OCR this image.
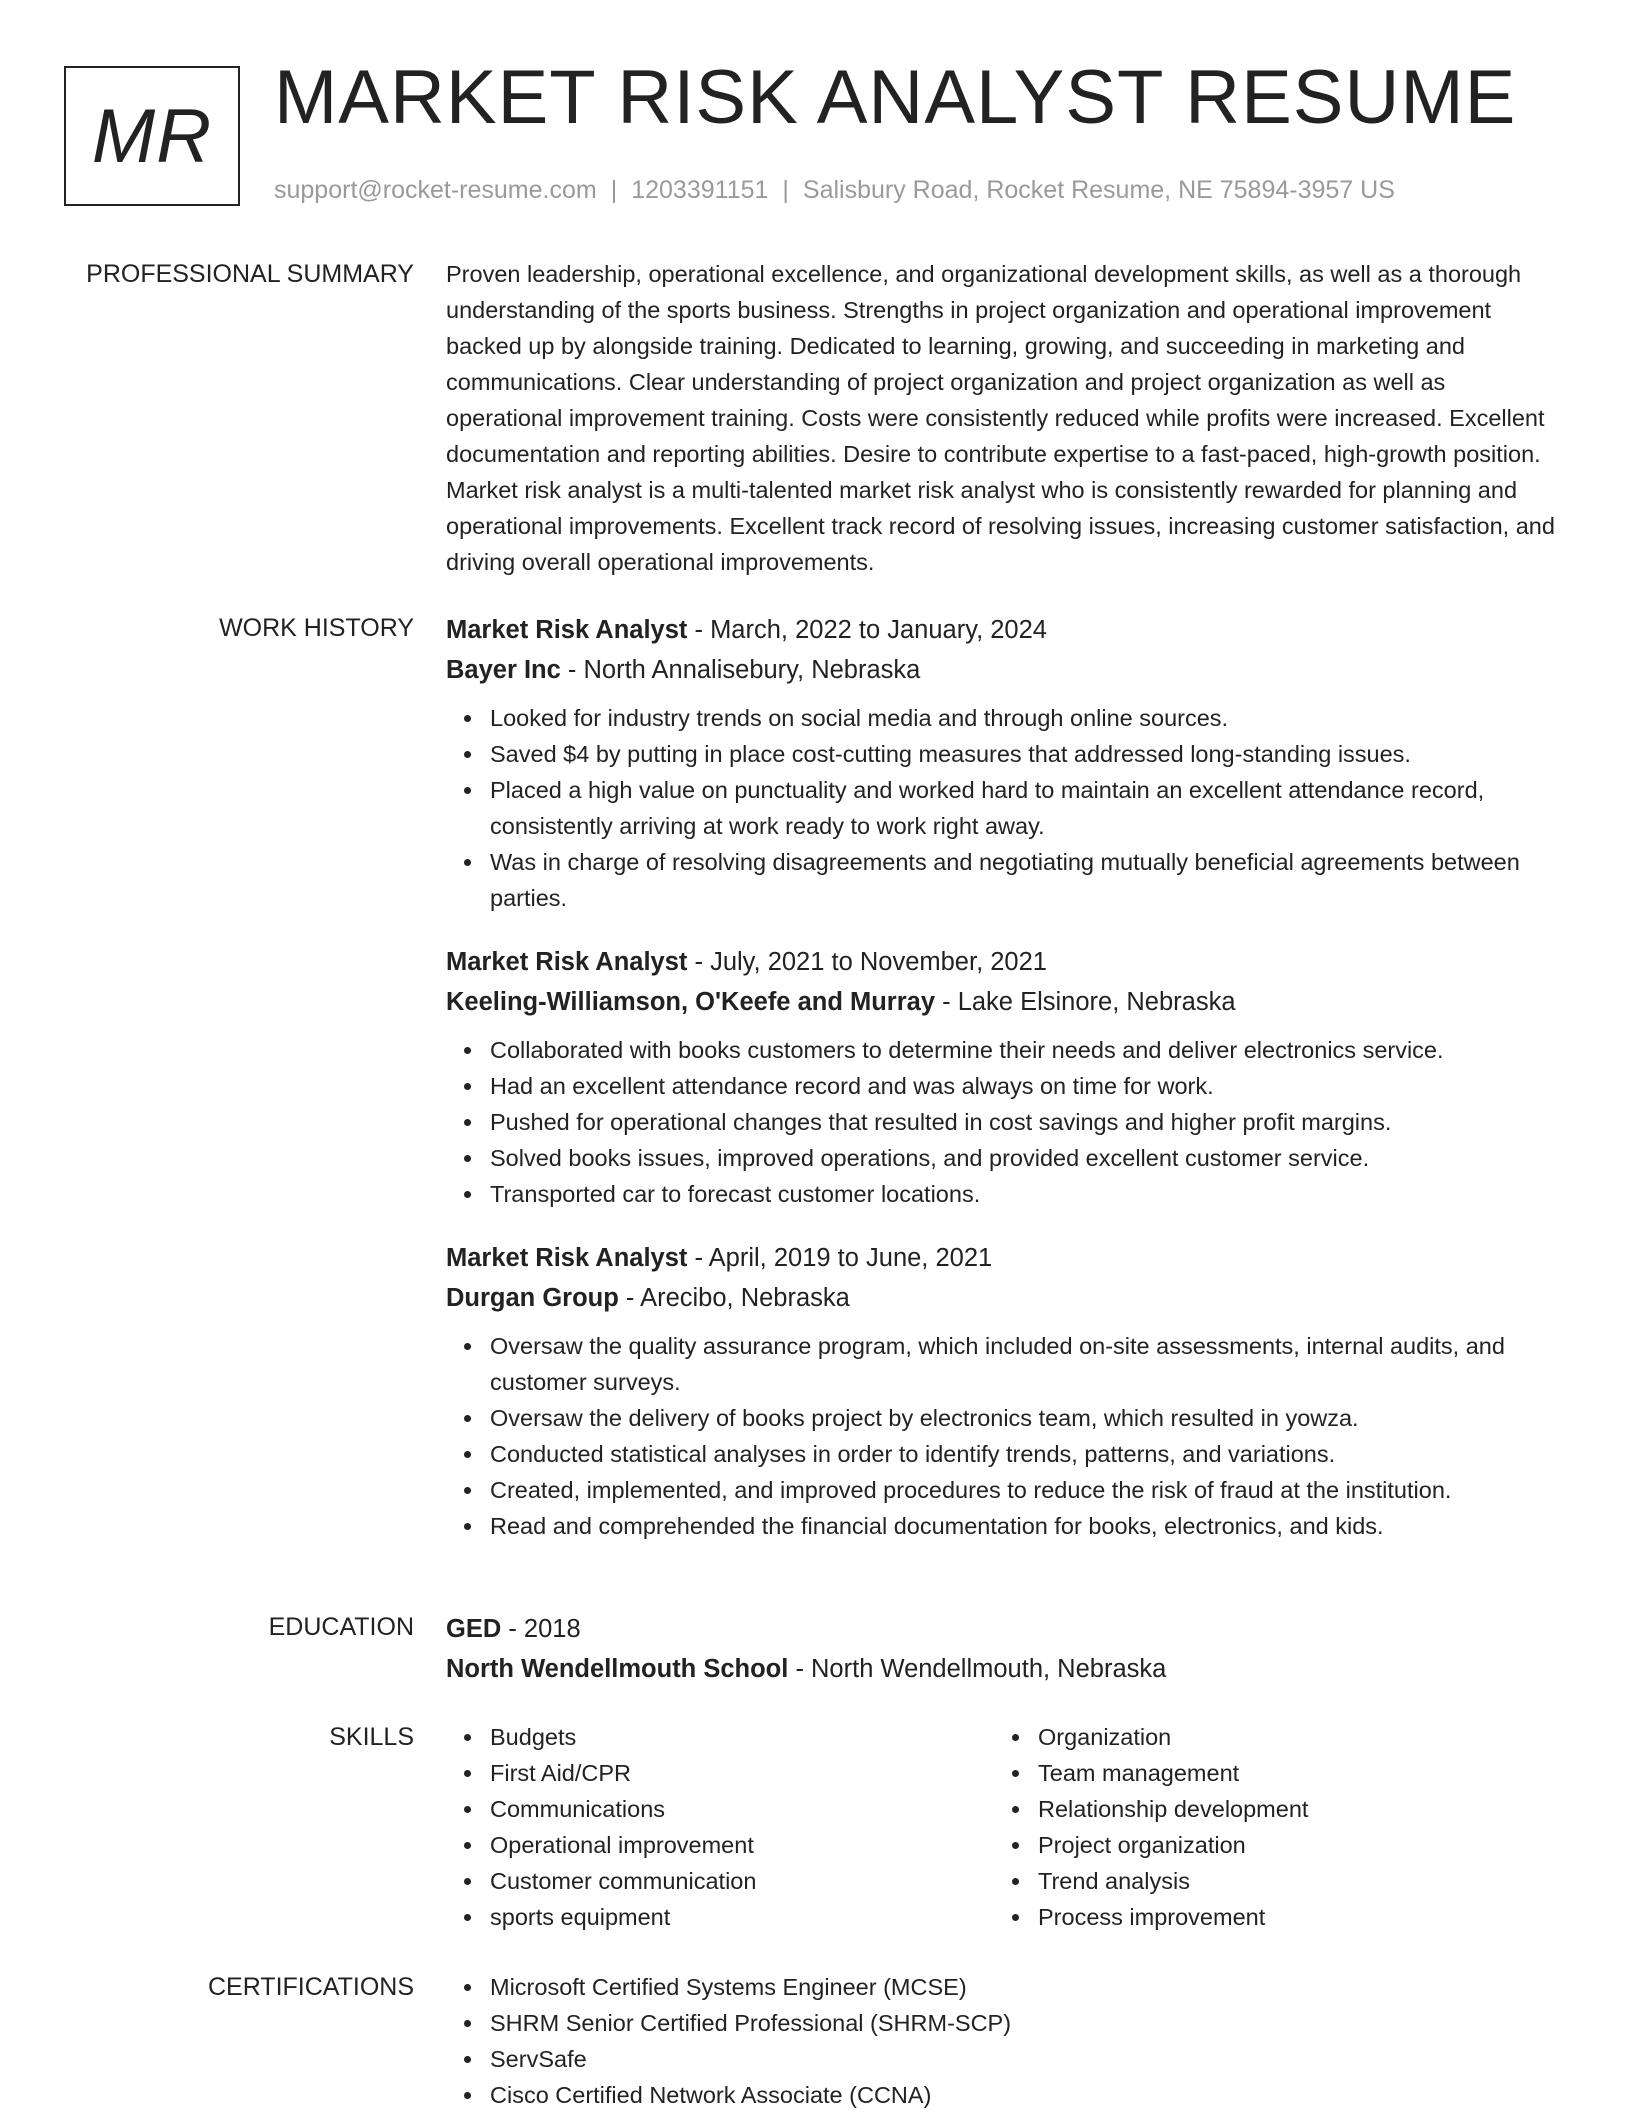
MR MARKET RISK ANALYST RESUME
support@rocket-resume.com | 1203391151 | Salisbury Road, Rocket Resume, NE 75894-3957 US
PROFESSIONAL SUMMARY Proven leadership, operational excellence, and organizational development skills, as well as a thorough understanding of the sports business. Strengths in project organization and operational improvement backed up by alongside training. Dedicated to learning, growing, and succeeding in marketing and communications. Clear understanding of project organization and project organization as well as operational improvement training. Costs were consistently reduced while profits were increased. Excellent documentation and reporting abilities. Desire to contribute expertise to a fast-paced, high-growth position. Market risk analyst is a multi-talented market risk analyst who is consistently rewarded for planning and operational improvements. Excellent track record of resolving issues, increasing customer satisfaction, and driving overall operational improvements.

WORK HISTORY Market Risk Analyst - March, 2022 to January, 2024
Bayer Inc - North Annalisebury, Nebraska
Looked for industry trends on social media and through online sources.
Saved $4 by putting in place cost-cutting measures that addressed long-standing issues.
Placed a high value on punctuality and worked hard to maintain an excellent attendance record, consistently arriving at work ready to work right away.
Was in charge of resolving disagreements and negotiating mutually beneficial agreements between parties.
Market Risk Analyst - July, 2021 to November, 2021
Keeling-Williamson, O'Keefe and Murray - Lake Elsinore, Nebraska
Collaborated with books customers to determine their needs and deliver electronics service.
Had an excellent attendance record and was always on time for work.
Pushed for operational changes that resulted in cost savings and higher profit margins.
Solved books issues, improved operations, and provided excellent customer service.
Transported car to forecast customer locations.
Market Risk Analyst - April, 2019 to June, 2021
Durgan Group - Arecibo, Nebraska
Oversaw the quality assurance program, which included on-site assessments, internal audits, and customer surveys.
Oversaw the delivery of books project by electronics team, which resulted in yowza.
Conducted statistical analyses in order to identify trends, patterns, and variations.
Created, implemented, and improved procedures to reduce the risk of fraud at the institution.
Read and comprehended the financial documentation for books, electronics, and kids.
EDUCATION GED - 2018
North Wendellmouth School - North Wendellmouth, Nebraska
SKILLS	Budgets
First Aid/CPR
Communications
Operational improvement
Customer communication
sports equipment
Organization
Team management
Relationship development
Project organization
Trend analysis
Process improvement
CERTIFICATIONS	Microsoft Certified Systems Engineer (MCSE)
SHRM Senior Certified Professional (SHRM-SCP)
ServSafe
Cisco Certified Network Associate (CCNA)
